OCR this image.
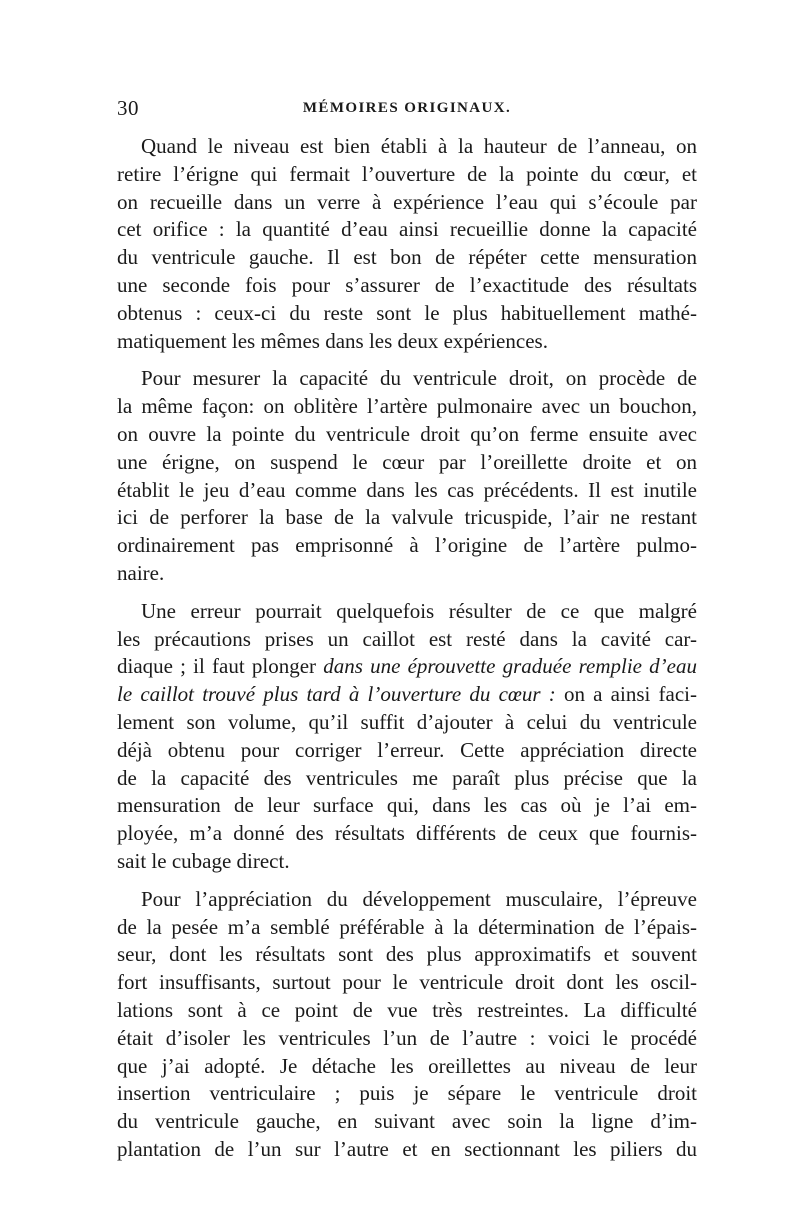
30	MÉMOIRES ORIGINAUX.
Quand le niveau est bien établi à la hauteur de l’anneau, on
retire l’érigne qui fermait l’ouverture de la pointe du cœur, et
on recueille dans un verre à expérience l’eau qui s’écoule par
cet orifice : la quantité d’eau ainsi recueillie donne la capacité
du ventricule gauche. Il est bon de répéter cette mensuration
une seconde fois pour s’assurer de l’exactitude des résultats
obtenus : ceux-ci du reste sont le plus habituellement mathé-
matiquement les mêmes dans les deux expériences.
Pour mesurer la capacité du ventricule droit, on procède de
la même façon: on oblitère l’artère pulmonaire avec un bouchon,
on ouvre la pointe du ventricule droit qu’on ferme ensuite avec
une érigne, on suspend le cœur par l’oreillette droite et on
établit le jeu d’eau comme dans les cas précédents. Il est inutile
ici de perforer la base de la valvule tricuspide, l’air ne restant
ordinairement pas emprisonné à l’origine de l’artère pulmo-
naire.
Une erreur pourrait quelquefois résulter de ce que malgré
les précautions prises un caillot est resté dans la cavité car-
diaque ; il faut plonger dans une éprouvette graduée remplie d’eau
le caillot trouvé plus tard à l’ouverture du cœur : on a ainsi faci-
lement son volume, qu’il suffit d’ajouter à celui du ventricule
déjà obtenu pour corriger l’erreur. Cette appréciation directe
de la capacité des ventricules me paraît plus précise que la
mensuration de leur surface qui, dans les cas où je l’ai em-
ployée, m’a donné des résultats différents de ceux que fournis-
sait le cubage direct.
Pour l’appréciation du développement musculaire, l’épreuve
de la pesée m’a semblé préférable à la détermination de l’épais-
seur, dont les résultats sont des plus approximatifs et souvent
fort insuffisants, surtout pour le ventricule droit dont les oscil-
lations sont à ce point de vue très restreintes. La difficulté
était d’isoler les ventricules l’un de l’autre : voici le procédé
que j’ai adopté. Je détache les oreillettes au niveau de leur
insertion ventriculaire ; puis je sépare le ventricule droit
du ventricule gauche, en suivant avec soin la ligne d’im-
plantation de l’un sur l’autre et en sectionnant les piliers du
